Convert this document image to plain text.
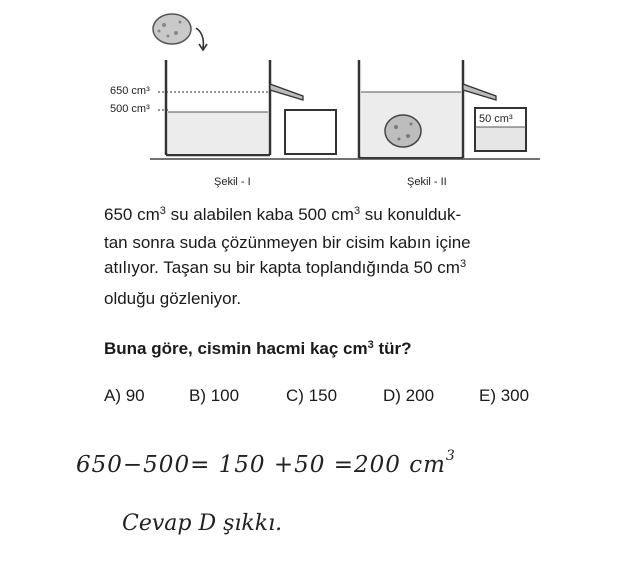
650 cm³
500 cm³
50 cm³
Şekil - I	Şekil - II
650 $cm^3$ su alabilen kaba 500 $cm^3$ su konulduk-
tan sonra suda çözünmeyen bir cisim kabın içine
atılıyor. Taşan su bir kapta toplandığında 50 $cm^3$
olduğu gözleniyor.
Buna göre, cismin hacmi kaç $cm^3$ tür?
A) 90	B) 100	C) 150	D) 200	E) 300
650−500= 150 +50 =200 $cm^3$
Cevap D şıkkı.
